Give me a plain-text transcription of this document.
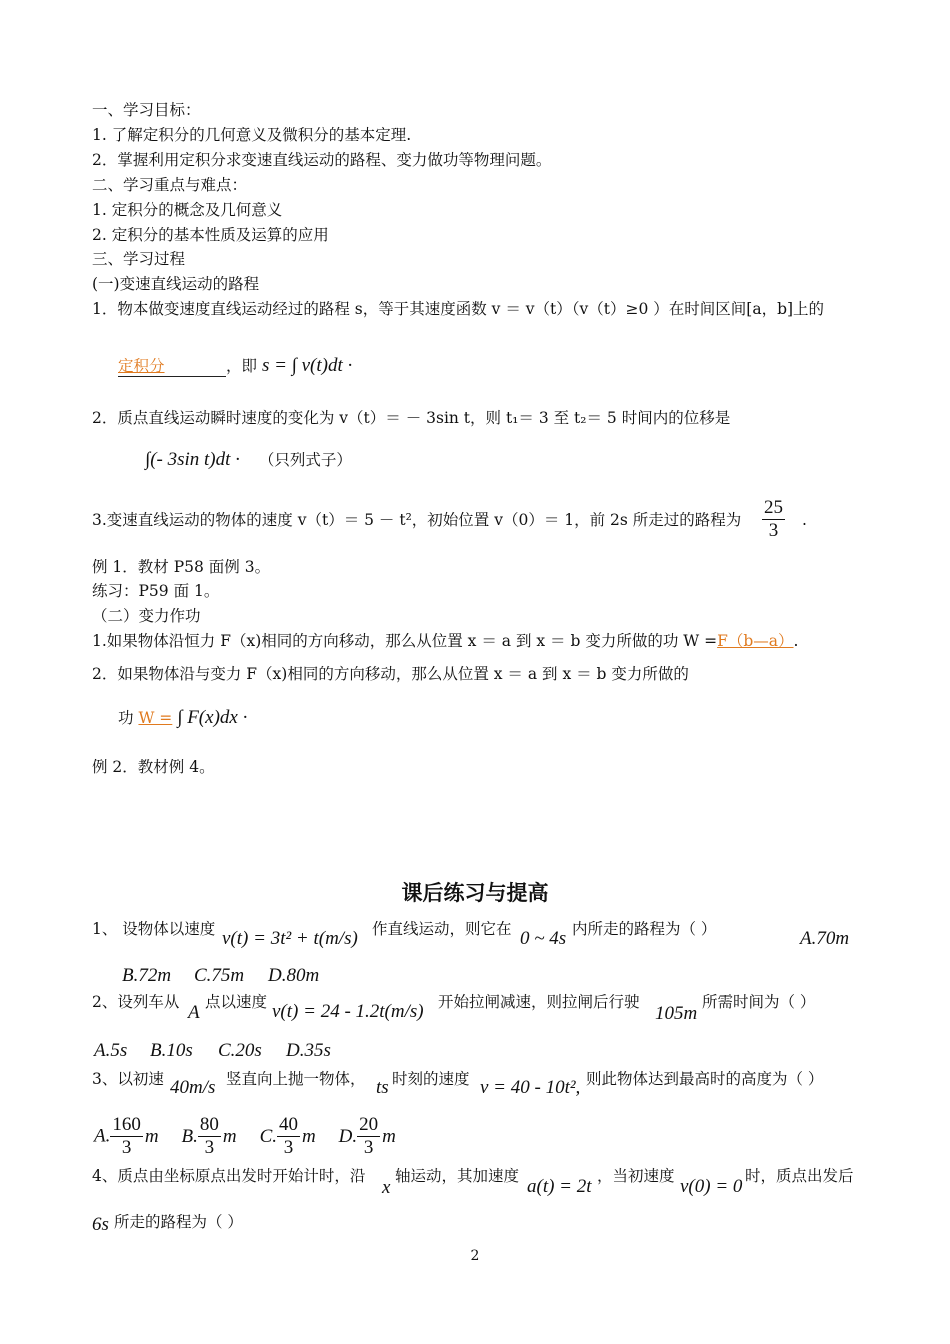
一、学习目标：
1. 了解定积分的几何意义及微积分的基本定理.
2．掌握利用定积分求变速直线运动的路程、变力做功等物理问题。
二、学习重点与难点：
1. 定积分的概念及几何意义
2. 定积分的基本性质及运算的应用
三、学习过程
(一)变速直线运动的路程
1．物本做变速度直线运动经过的路程 s，等于其速度函数 v ＝ v（t）（v（t）≥0 ）在时间区间[a，b]上的
定积分	，即 s = ∫ v(t)dt ·
2．质点直线运动瞬时速度的变化为 v（t）＝ － 3sin t，则 t₁＝ 3 至 t₂＝ 5 时间内的位移是
∫(- 3sin t)dt · （只列式子）
3.变速直线运动的物体的速度 v（t）＝ 5 － t²，初始位置 v（0）＝ 1，前 2s 所走过的路程为 $\frac{25}{3}$ .
例 1．教材 P58 面例 3。
练习：P59 面 1。
（二）变力作功
1.如果物体沿恒力 F（x)相同的方向移动，那么从位置 x ＝ a 到 x ＝ b 变力所做的功 W =F（b—a）.
2．如果物体沿与变力 F（x)相同的方向移动，那么从位置 x ＝ a 到 x ＝ b 变力所做的
功 W = ∫ F(x)dx ·
例 2．教材例 4。
课后练习与提高
1、 设物体以速度 v(t) = 3t² + t(m/s) 作直线运动，则它在 0 ~ 4s 内所走的路程为（ ）	A.70m
B.72m C.75m D.80m
2、设列车从 A 点以速度 v(t) = 24 - 1.2t(m/s) 开始拉闸减速，则拉闸后行驶
105m
所需时间为（ ）
A.5s B.10s C.20s D.35s
3、以初速 40m/s 竖直向上抛一物体， ts 时刻的速度 v = 40 - 10t², 则此物体达到最高时的高度为（ ）
A. $\frac{160}{3}$ m B. $\frac{80}{3}$ m C. $\frac{40}{3}$ m D. $\frac{20}{3}$ m
4、质点由坐标原点出发时开始计时，沿
x
轴运动，其加速度 a(t) = 2t ，当初速度 v(0) = 0 时，质点出发后
6s 所走的路程为（ ）
2
